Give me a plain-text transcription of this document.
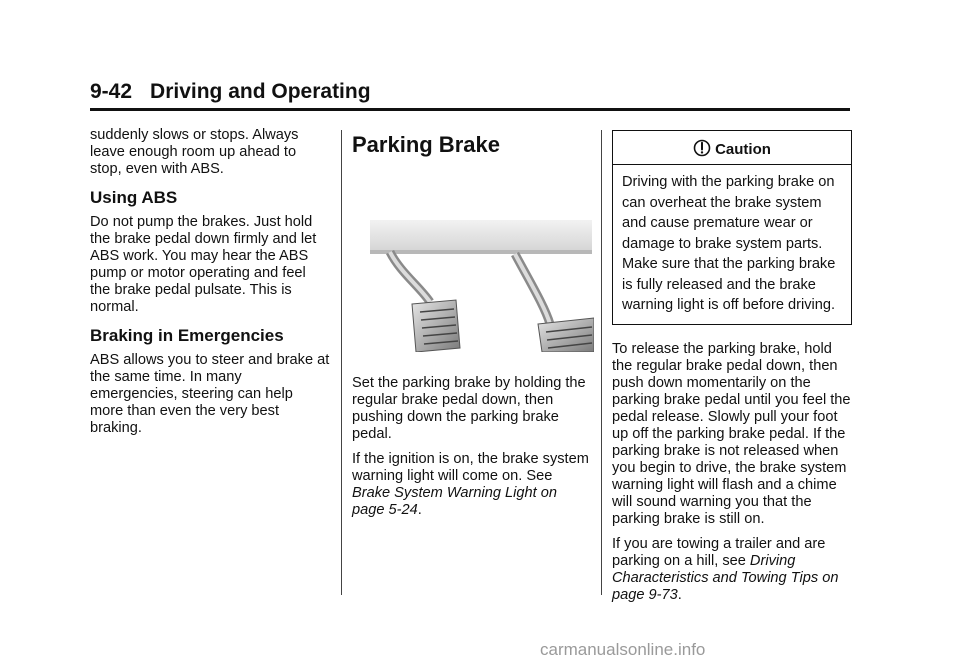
9-42 Driving and Operating

suddenly slows or stops. Always leave enough room up ahead to stop, even with ABS.

Using ABS

Do not pump the brakes. Just hold the brake pedal down firmly and let ABS work. You may hear the ABS pump or motor operating and feel the brake pedal pulsate. This is normal.

Braking in Emergencies

ABS allows you to steer and brake at the same time. In many emergencies, steering can help more than even the very best braking.

Parking Brake

Set the parking brake by holding the regular brake pedal down, then pushing down the parking brake pedal.

If the ignition is on, the brake system warning light will come on. See Brake System Warning Light on page 5-24.

Caution
Driving with the parking brake on can overheat the brake system and cause premature wear or damage to brake system parts. Make sure that the parking brake is fully released and the brake warning light is off before driving.

To release the parking brake, hold the regular brake pedal down, then push down momentarily on the parking brake pedal until you feel the pedal release. Slowly pull your foot up off the parking brake pedal. If the parking brake is not released when you begin to drive, the brake system warning light will flash and a chime will sound warning you that the parking brake is still on.

If you are towing a trailer and are parking on a hill, see Driving Characteristics and Towing Tips on page 9-73.

carmanualsonline.info
